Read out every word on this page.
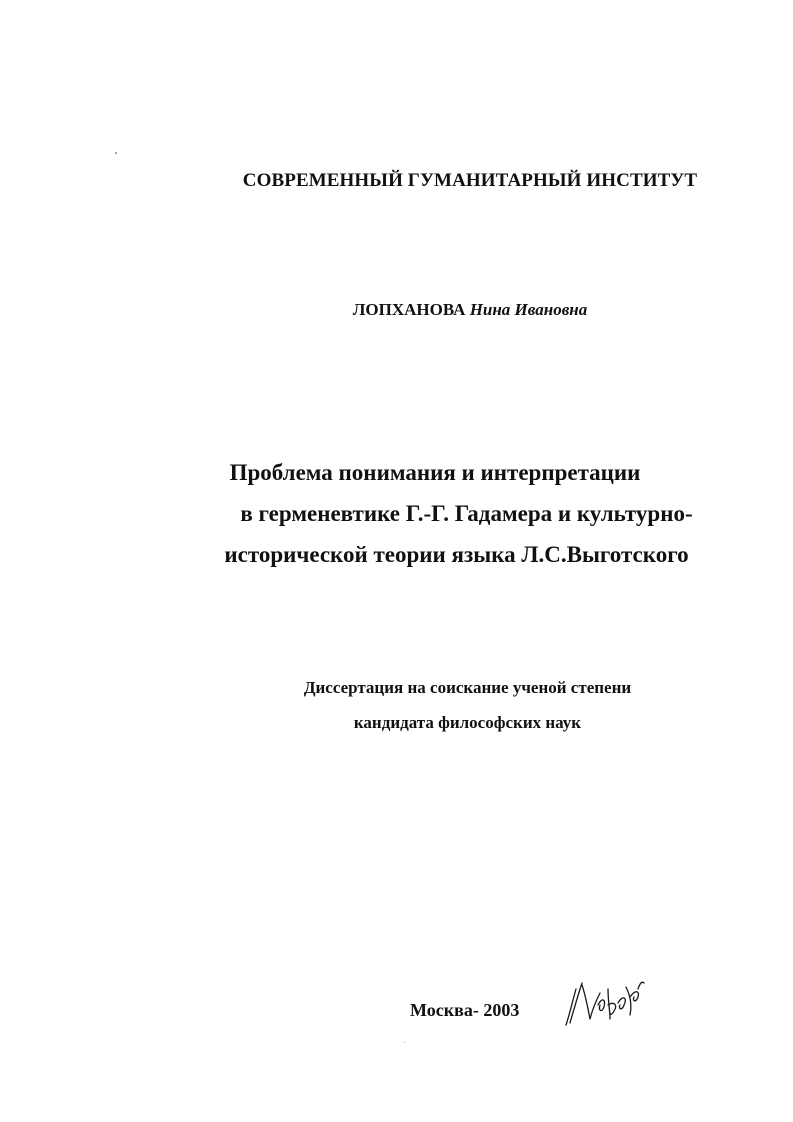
СОВРЕМЕННЫЙ ГУМАНИТАРНЫЙ ИНСТИТУТ
ЛОПХАНОВА Нина Ивановна
Проблема понимания и интерпретации
в герменевтике Г.-Г. Гадамера и культурно-
исторической теории языка Л.С.Выготского
Диссертация на соискание ученой степени
кандидата философских наук
Москва- 2003
